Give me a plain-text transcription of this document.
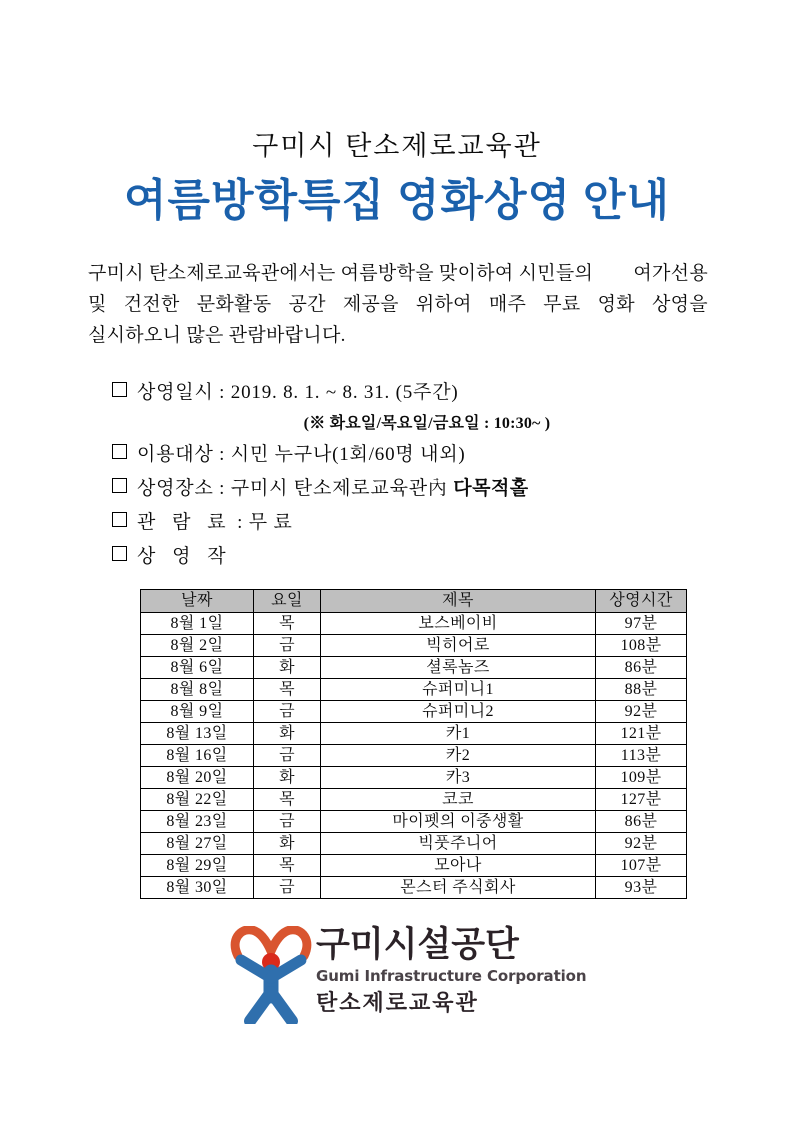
구미시 탄소제로교육관
여름방학특집 영화상영 안내
구미시 탄소제로교육관에서는 여름방학을 맞이하여 시민들의 여가선용
및 건전한 문화활동 공간 제공을 위하여 매주 무료 영화 상영을
실시하오니 많은 관람바랍니다.
상영일시 : 2019. 8. 1. ~ 8. 31. (5주간)
(※ 화요일/목요일/금요일 : 10:30~ )
이용대상 : 시민 누구나(1회/60명 내외)
상영장소 : 구미시 탄소제로교육관內 다목적홀
관 람 료 : 무 료
상 영 작
날짜	요일	제목	상영시간
8월 1일	목	보스베이비	97분
8월 2일	금	빅히어로	108분
8월 6일	화	셜록놈즈	86분
8월 8일	목	슈퍼미니1	88분
8월 9일	금	슈퍼미니2	92분
8월 13일	화	카1	121분
8월 16일	금	카2	113분
8월 20일	화	카3	109분
8월 22일	목	코코	127분
8월 23일	금	마이펫의 이중생활	86분
8월 27일	화	빅풋주니어	92분
8월 29일	목	모아나	107분
8월 30일	금	몬스터 주식회사	93분
구미시설공단
Gumi Infrastructure Corporation
탄소제로교육관
